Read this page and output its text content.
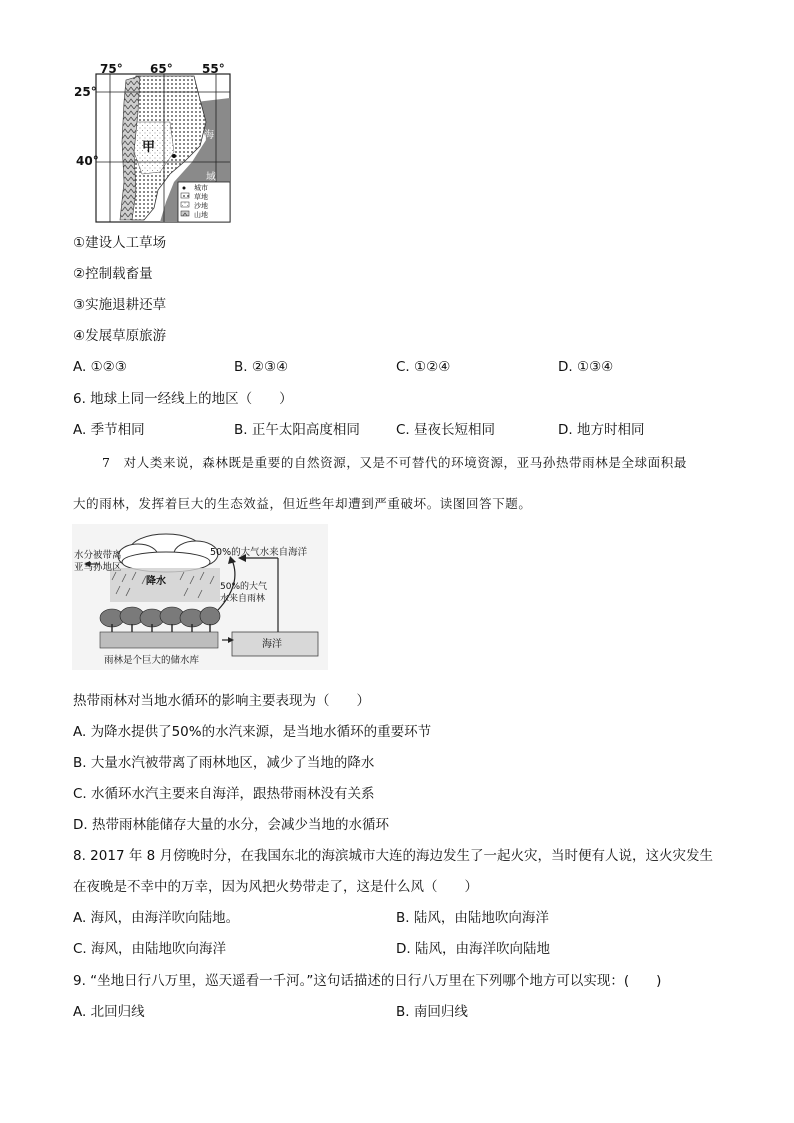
75° 65° 55°
25°
40°
甲
海
域
城市
草地
沙地
山地
①建设人工草场
②控制载畜量
③实施退耕还草
④发展草原旅游
A. ①②③	B. ②③④	C. ①②④	D. ①③④
6. 地球上同一经线上的地区（　　）
A. 季节相同	B. 正午太阳高度相同	C. 昼夜长短相同	D. 地方时相同
7　对人类来说，森林既是重要的自然资源，又是不可替代的环境资源，亚马孙热带雨林是全球面积最
大的雨林，发挥着巨大的生态效益，但近些年却遭到严重破坏。读图回答下题。
水分被带离
亚马孙地区
降水
50%的大气水来自海洋
50%的大气
水来自雨林
海洋
雨林是个巨大的储水库
热带雨林对当地水循环的影响主要表现为（　　）
A. 为降水提供了50%的水汽来源，是当地水循环的重要环节
B. 大量水汽被带离了雨林地区，减少了当地的降水
C. 水循环水汽主要来自海洋，跟热带雨林没有关系
D. 热带雨林能储存大量的水分，会减少当地的水循环
8. 2017 年 8 月傍晚时分，在我国东北的海滨城市大连的海边发生了一起火灾，当时便有人说，这火灾发生
在夜晚是不幸中的万幸，因为风把火势带走了，这是什么风（　　）
A. 海风，由海洋吹向陆地。	B. 陆风，由陆地吹向海洋
C. 海风，由陆地吹向海洋	D. 陆风，由海洋吹向陆地
9. “坐地日行八万里，巡天遥看一千河。”这句话描述的日行八万里在下列哪个地方可以实现：(　　)
A. 北回归线	B. 南回归线
